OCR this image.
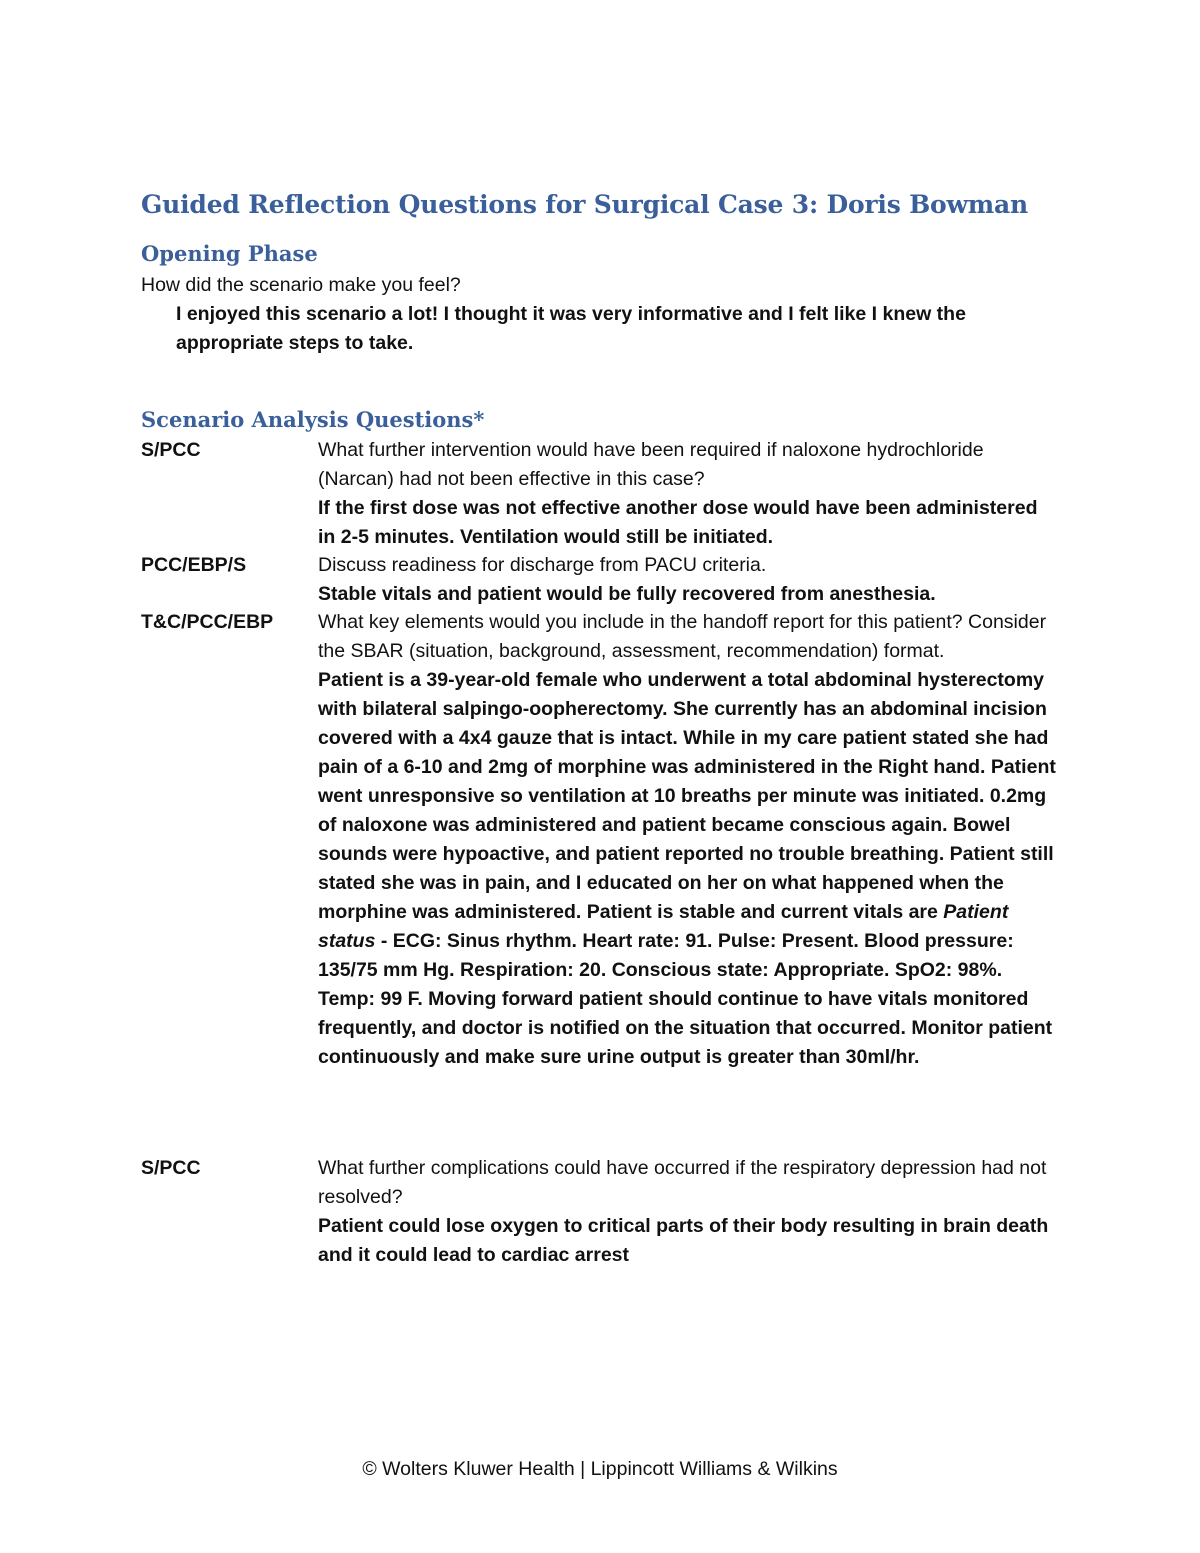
Guided Reflection Questions for Surgical Case 3: Doris Bowman
Opening Phase
How did the scenario make you feel?
I enjoyed this scenario a lot! I thought it was very informative and I felt like I knew the appropriate steps to take.
Scenario Analysis Questions*
S/PCC	What further intervention would have been required if naloxone hydrochloride (Narcan) had not been effective in this case?
If the first dose was not effective another dose would have been administered in 2-5 minutes. Ventilation would still be initiated.
PCC/EBP/S	Discuss readiness for discharge from PACU criteria.
Stable vitals and patient would be fully recovered from anesthesia.
T&C/PCC/EBP What key elements would you include in the handoff report for this patient? Consider the SBAR (situation, background, assessment, recommendation) format.
Patient is a 39-year-old female who underwent a total abdominal hysterectomy with bilateral salpingo-oopherectomy. She currently has an abdominal incision covered with a 4x4 gauze that is intact. While in my care patient stated she had pain of a 6-10 and 2mg of morphine was administered in the Right hand. Patient went unresponsive so ventilation at 10 breaths per minute was initiated. 0.2mg of naloxone was administered and patient became conscious again. Bowel sounds were hypoactive, and patient reported no trouble breathing. Patient still stated she was in pain, and I educated on her on what happened when the morphine was administered. Patient is stable and current vitals are Patient status - ECG: Sinus rhythm. Heart rate: 91. Pulse: Present. Blood pressure: 135/75 mm Hg. Respiration: 20. Conscious state: Appropriate. SpO2: 98%. Temp: 99 F. Moving forward patient should continue to have vitals monitored frequently, and doctor is notified on the situation that occurred. Monitor patient continuously and make sure urine output is greater than 30ml/hr.
S/PCC	What further complications could have occurred if the respiratory depression had not resolved?
Patient could lose oxygen to critical parts of their body resulting in brain death and it could lead to cardiac arrest
© Wolters Kluwer Health | Lippincott Williams & Wilkins
